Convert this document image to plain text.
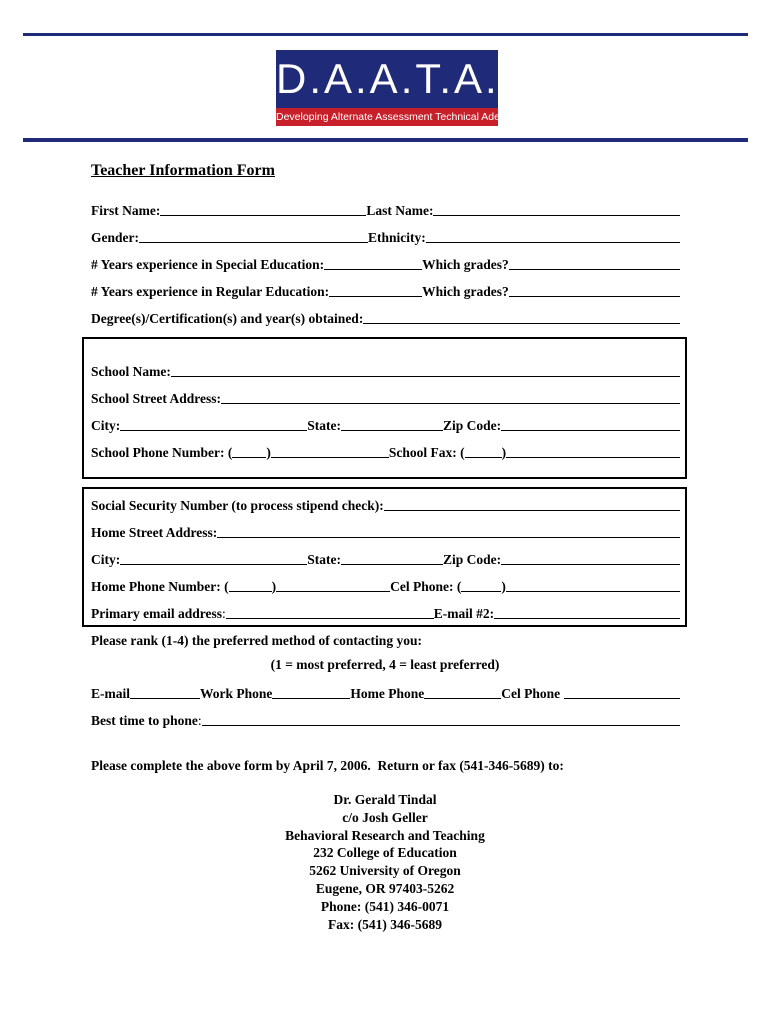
D.A.A.T.A.
Developing Alternate Assessment Technical Adequacy
Teacher Information Form
First Name:	Last Name:
Gender:	Ethnicity:
# Years experience in Special Education:	Which grades?
# Years experience in Regular Education:	Which grades?
Degree(s)/Certification(s) and year(s) obtained:
School Name:
School Street Address:
City:	State:	Zip Code:
School Phone Number: (	)	School Fax: (	)
Social Security Number (to process stipend check):
Home Street Address:
City:	State:	Zip Code:
Home Phone Number: (	)	Cel Phone: (	)
Primary email address :	E-mail #2:
Please rank (1-4) the preferred method of contacting you:
(1 = most preferred, 4 = least preferred)
E-mail	Work Phone	Home Phone	Cel Phone
Best time to phone :
Please complete the above form by April 7, 2006.  Return or fax (541-346-5689) to:
Dr. Gerald Tindal
c/o Josh Geller
Behavioral Research and Teaching
232 College of Education
5262 University of Oregon
Eugene, OR 97403-5262
Phone: (541) 346-0071
Fax: (541) 346-5689
